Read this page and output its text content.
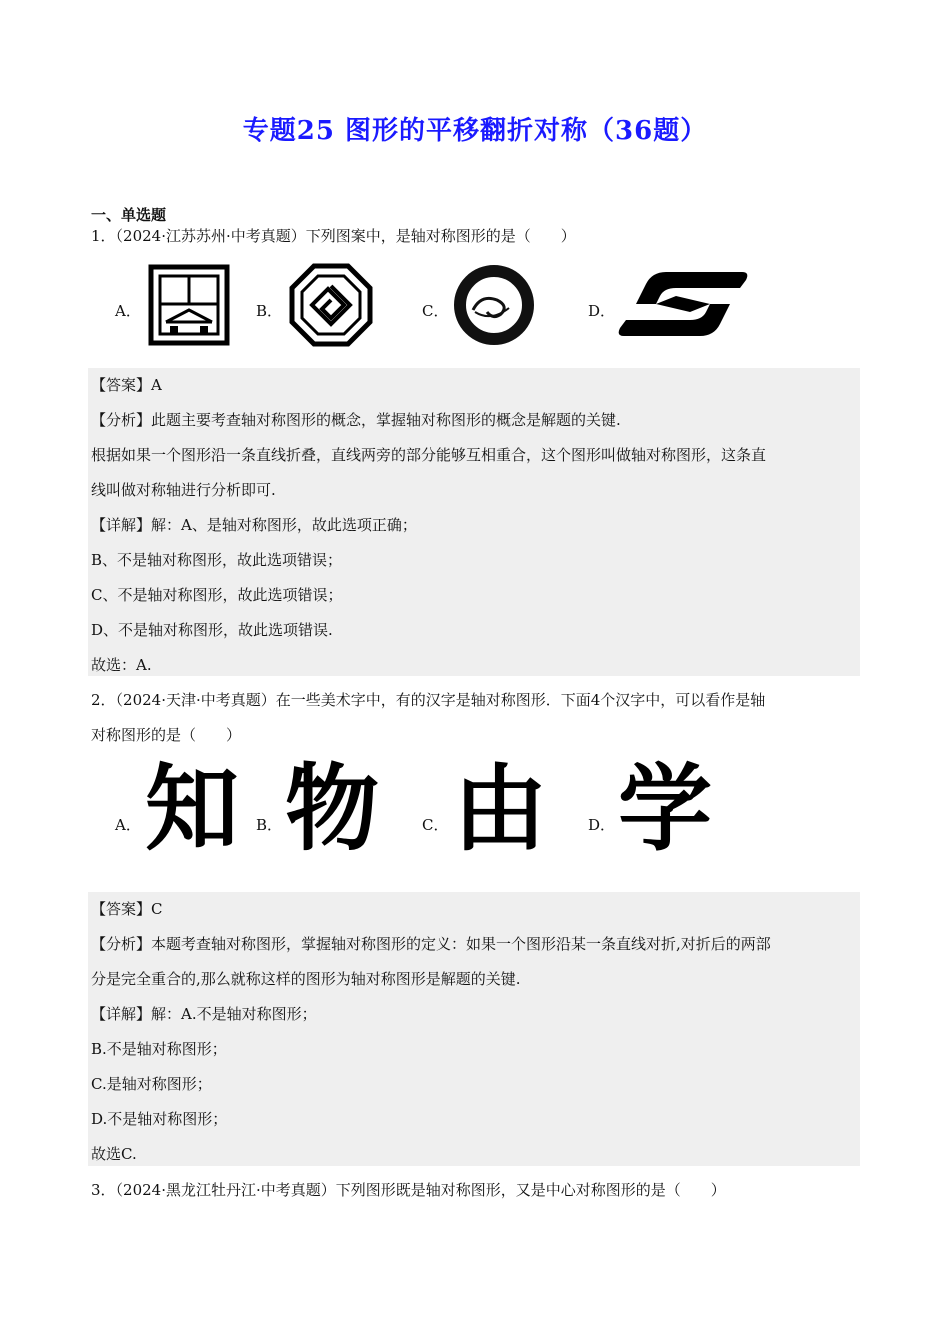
专题25 图形的平移翻折对称（36题）
一、单选题
1．（2024·江苏苏州·中考真题）下列图案中，是轴对称图形的是（　　）
A．	B．	C．	D．

【答案】A

【分析】此题主要考查轴对称图形的概念，掌握轴对称图形的概念是解题的关键.

根据如果一个图形沿一条直线折叠，直线两旁的部分能够互相重合，这个图形叫做轴对称图形，这条直

线叫做对称轴进行分析即可.

【详解】解：A、是轴对称图形，故此选项正确；

B、不是轴对称图形，故此选项错误；

C、不是轴对称图形，故此选项错误；

D、不是轴对称图形，故此选项错误.

故选：A.

2．（2024·天津·中考真题）在一些美术字中，有的汉字是轴对称图形．下面4个汉字中，可以看作是轴
对称图形的是（　　）
A． 知 B． 物	C． 由	D． 学

【答案】C

【分析】本题考查轴对称图形，掌握轴对称图形的定义：如果一个图形沿某一条直线对折,对折后的两部

分是完全重合的,那么就称这样的图形为轴对称图形是解题的关键.

【详解】解：A.不是轴对称图形；

B.不是轴对称图形；

C.是轴对称图形；

D.不是轴对称图形；

故选C.

3．（2024·黑龙江牡丹江·中考真题）下列图形既是轴对称图形，又是中心对称图形的是（　　）
